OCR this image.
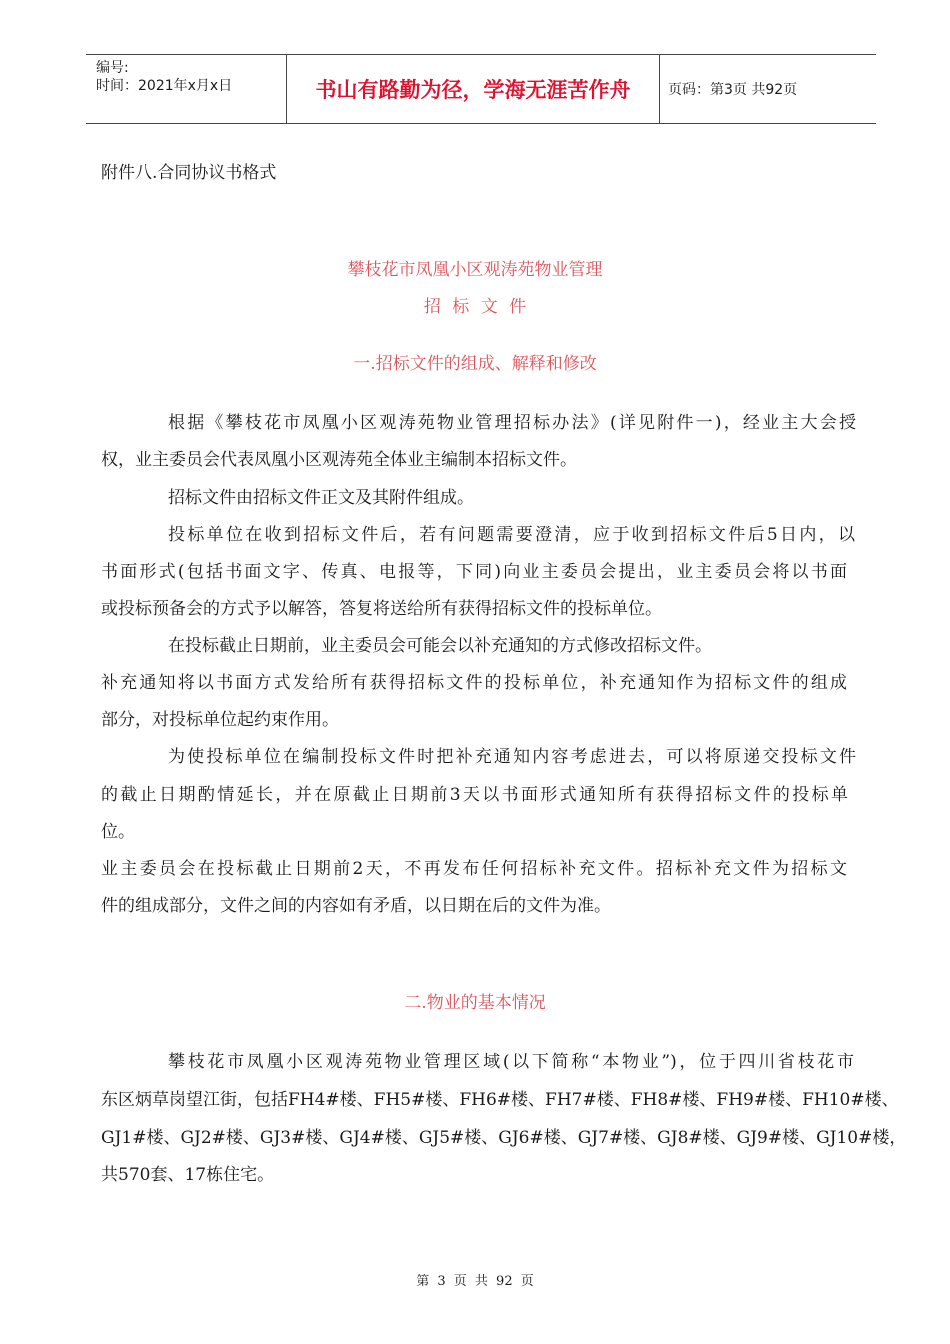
编号:
时间：2021年x月x日	书山有路勤为径，学海无涯苦作舟	页码：第3页 共92页
附件八.合同协议书格式
攀枝花市凤凰小区观涛苑物业管理
招 标 文 件
一.招标文件的组成、解释和修改
根据《攀枝花市凤凰小区观涛苑物业管理招标办法》(详见附件一)，经业主大会授
权，业主委员会代表凤凰小区观涛苑全体业主编制本招标文件。
招标文件由招标文件正文及其附件组成。
投标单位在收到招标文件后，若有问题需要澄清，应于收到招标文件后5日内，以
书面形式(包括书面文字、传真、电报等，下同)向业主委员会提出，业主委员会将以书面
或投标预备会的方式予以解答，答复将送给所有获得招标文件的投标单位。
在投标截止日期前，业主委员会可能会以补充通知的方式修改招标文件。
补充通知将以书面方式发给所有获得招标文件的投标单位，补充通知作为招标文件的组成
部分，对投标单位起约束作用。
为使投标单位在编制投标文件时把补充通知内容考虑进去，可以将原递交投标文件
的截止日期酌情延长，并在原截止日期前3天以书面形式通知所有获得招标文件的投标单
位。
业主委员会在投标截止日期前2天，不再发布任何招标补充文件。招标补充文件为招标文
件的组成部分，文件之间的内容如有矛盾，以日期在后的文件为准。
二.物业的基本情况
攀枝花市凤凰小区观涛苑物业管理区域(以下简称“本物业”)，位于四川省枝花市
东区炳草岗望江街，包括FH4#楼、FH5#楼、FH6#楼、FH7#楼、FH8#楼、FH9#楼、FH10#楼、
GJ1#楼、GJ2#楼、GJ3#楼、GJ4#楼、GJ5#楼、GJ6#楼、GJ7#楼、GJ8#楼、GJ9#楼、GJ10#楼，
共570套、17栋住宅。
第 3 页 共 92 页
